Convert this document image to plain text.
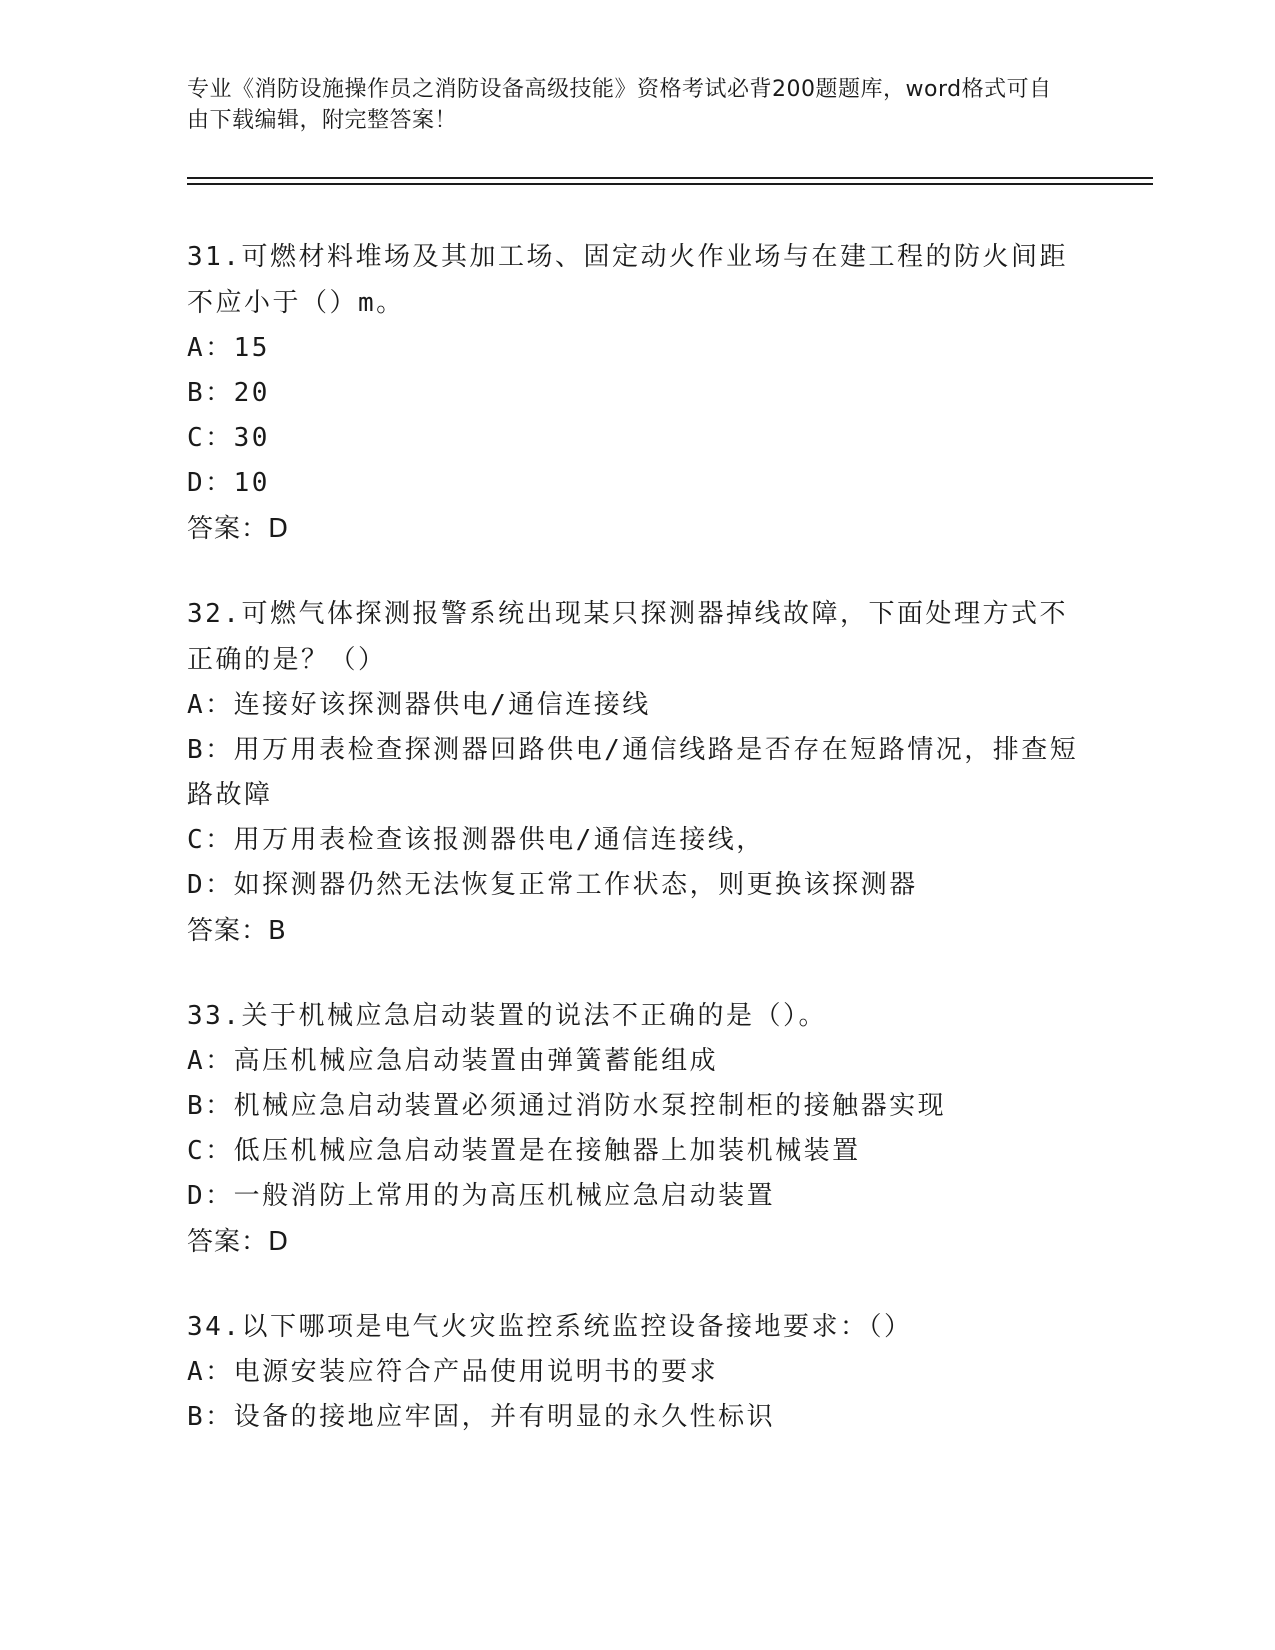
专业《消防设施操作员之消防设备高级技能》资格考试必背200题题库，word格式可自由下载编辑，附完整答案！
31.可燃材料堆场及其加工场、固定动火作业场与在建工程的防火间距不应小于（）m。
A：15
B：20
C：30
D：10
答案：D
32.可燃气体探测报警系统出现某只探测器掉线故障，下面处理方式不正确的是？（）
A：连接好该探测器供电/通信连接线
B：用万用表检查探测器回路供电/通信线路是否存在短路情况，排查短路故障
C：用万用表检查该报测器供电/通信连接线，
D：如探测器仍然无法恢复正常工作状态，则更换该探测器
答案：B
33.关于机械应急启动装置的说法不正确的是（）。
A：高压机械应急启动装置由弹簧蓄能组成
B：机械应急启动装置必须通过消防水泵控制柜的接触器实现
C：低压机械应急启动装置是在接触器上加装机械装置
D：一般消防上常用的为高压机械应急启动装置
答案：D
34.以下哪项是电气火灾监控系统监控设备接地要求：（）
A：电源安装应符合产品使用说明书的要求
B：设备的接地应牢固，并有明显的永久性标识
